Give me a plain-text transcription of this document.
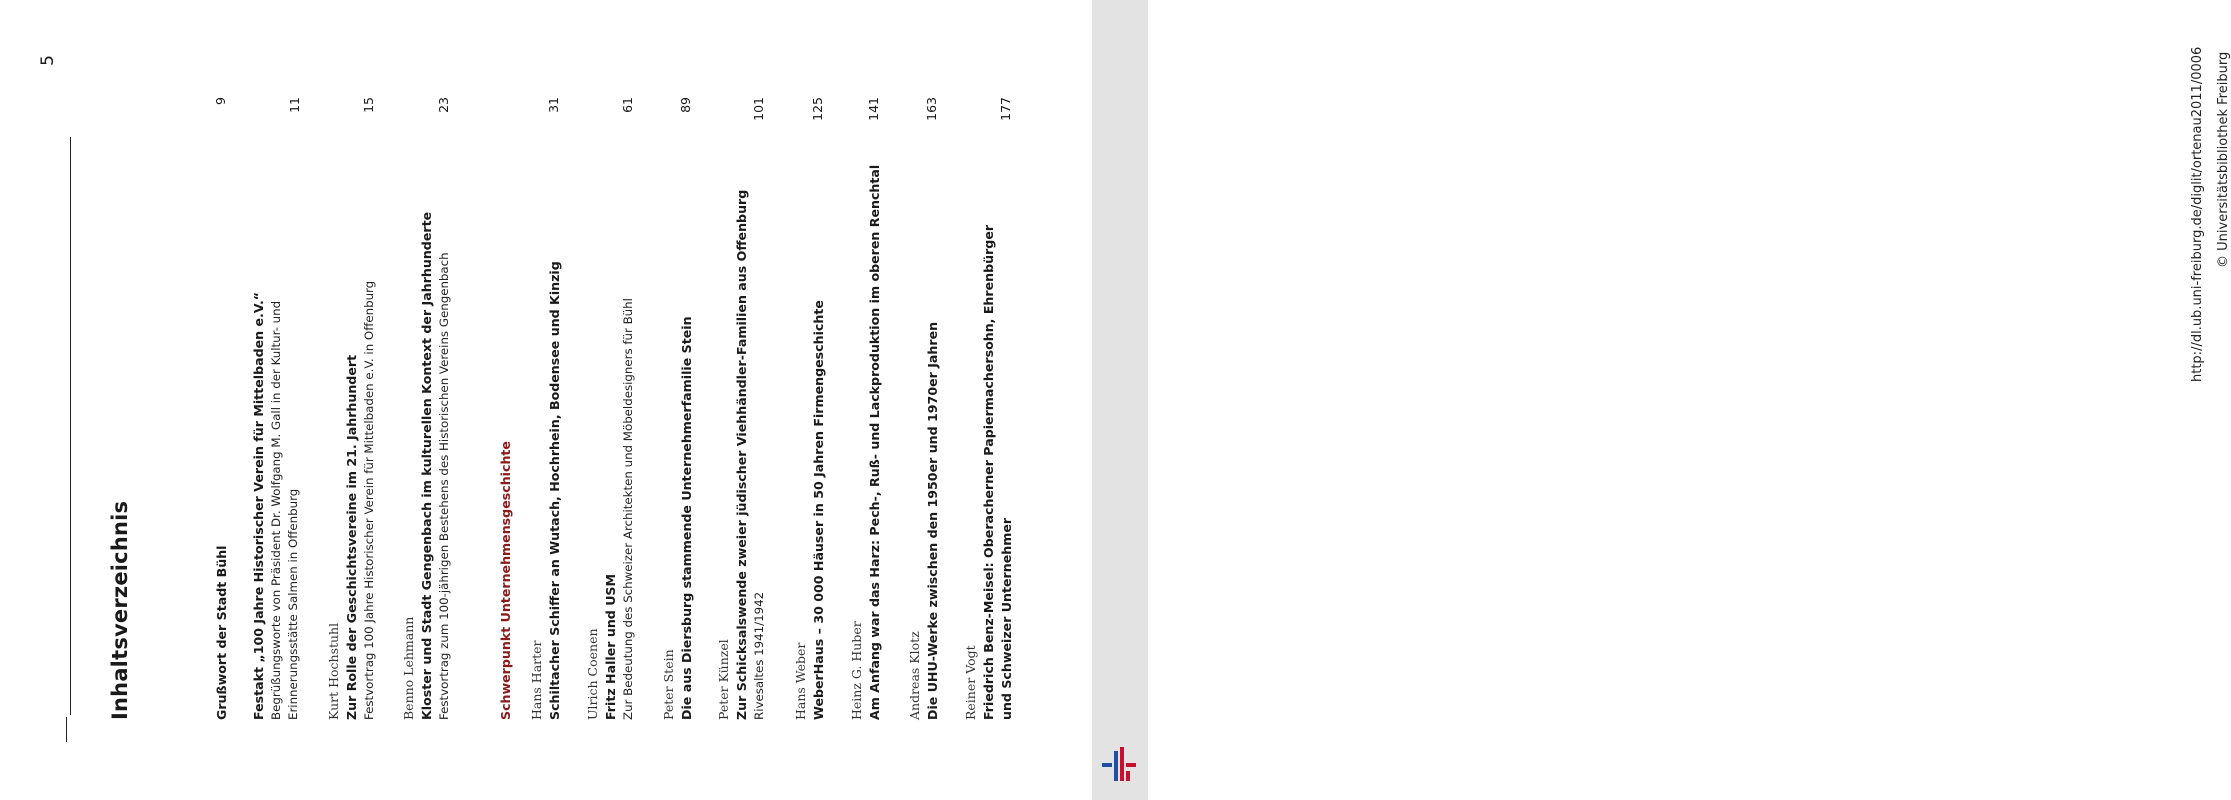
5
Inhaltsverzeichnis	Grußwort der Stadt Bühl
9
Festakt „100 Jahre Historischer Verein für Mittelbaden e.V.“ Begrüßungsworte von Präsident Dr. Wolfgang M. Gall in der Kultur- und Erinnerungsstätte Salmen in Offenburg
11
Kurt Hochstuhl Zur Rolle der Geschichtsvereine im 21. Jahrhundert Festvortrag 100 Jahre Historischer Verein für Mittelbaden e.V. in Offenburg
15
Benno Lehmann Kloster und Stadt Gengenbach im kulturellen Kontext der Jahrhunderte Festvortrag zum 100-jährigen Bestehens des Historischen Vereins Gengenbach
23
Schwerpunkt Unternehmensgeschichte Hans Harter Schiltacher Schiffer an Wutach, Hochrhein, Bodensee und Kinzig
31
Ulrich Coenen Fritz Haller und USM Zur Bedeutung des Schweizer Architekten und Möbeldesigners für Bühl
61
Peter Stein Die aus Diersburg stammende Unternehmerfamilie Stein
89
Peter Künzel Zur Schicksalswende zweier jüdischer Viehhändler-Familien aus Offenburg Rivesaltes 1941/1942
101
Hans Weber WeberHaus – 30 000 Häuser in 50 Jahren Firmengeschichte
125
Heinz G. Huber Am Anfang war das Harz: Pech-, Ruß- und Lackproduktion im oberen Renchtal
141
Andreas Klotz Die UHU-Werke zwischen den 1950er und 1970er Jahren
163
Reiner Vogt Friedrich Benz-Meisel: Oberacherner Papiermachersohn, Ehrenbürger und Schweizer Unternehmer
177	http://dl.ub.uni-freiburg.de/diglit/ortenau2011/0006 © Universitätsbibliothek Freiburg
